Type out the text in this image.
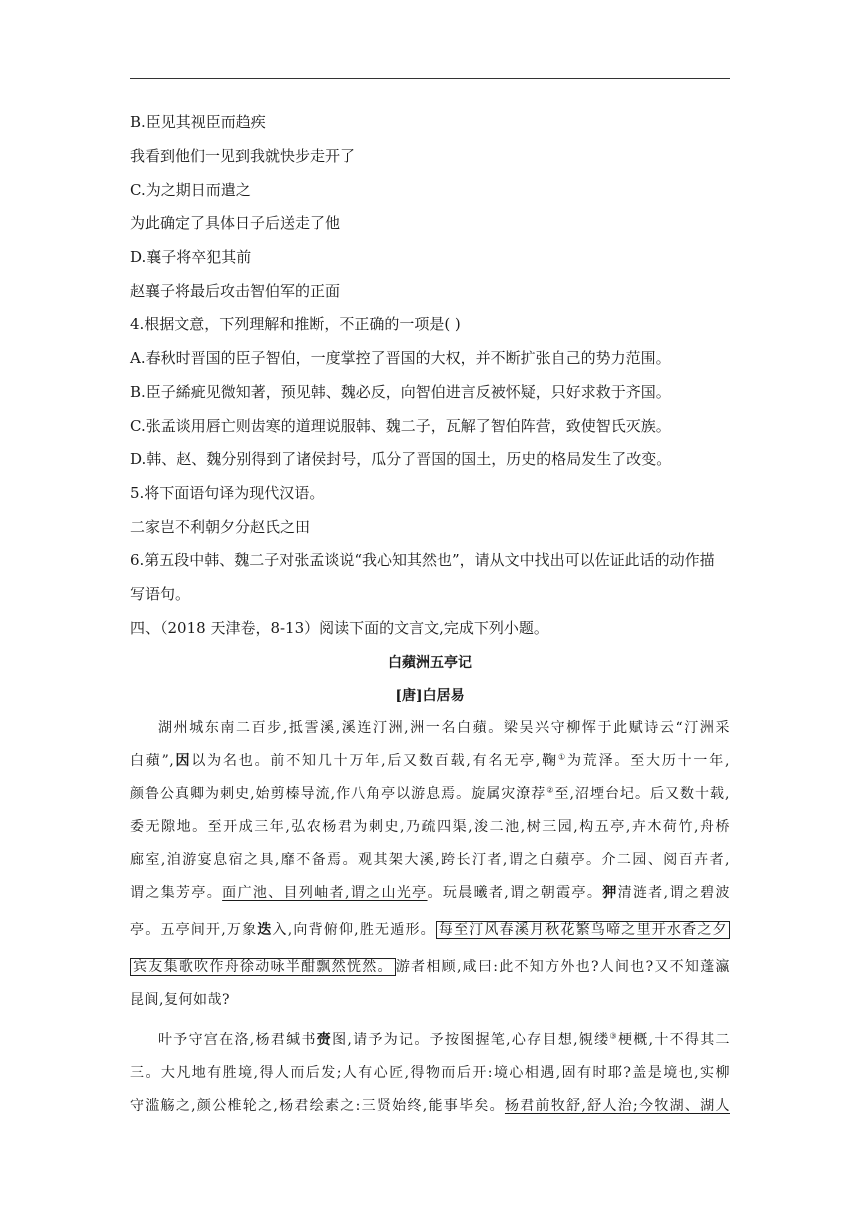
B.臣见其视臣而趋疾
我看到他们一见到我就快步走开了
C.为之期日而遣之
为此确定了具体日子后送走了他
D.襄子将卒犯其前
赵襄子将最后攻击智伯军的正面
4.根据文意，下列理解和推断，不正确的一项是( )
A.春秋时晋国的臣子智伯，一度掌控了晋国的大权，并不断扩张自己的势力范围。
B.臣子絺疵见微知著，预见韩、魏必反，向智伯进言反被怀疑，只好求救于齐国。
C.张孟谈用唇亡则齿寒的道理说服韩、魏二子，瓦解了智伯阵营，致使智氏灭族。
D.韩、赵、魏分别得到了诸侯封号，瓜分了晋国的国土，历史的格局发生了改变。
5.将下面语句译为现代汉语。
二家岂不利朝夕分赵氏之田
6.第五段中韩、魏二子对张孟谈说“我心知其然也”，请从文中找出可以佐证此话的动作描
写语句。
四、（2018 天津卷，8-13）阅读下面的文言文,完成下列小题。
白蘋洲五亭记
[唐]白居易
湖州城东南二百步,抵霅溪,溪连汀洲,洲一名白蘋。梁吴兴守柳恽于此赋诗云“汀洲采
白蘋”,因以为名也。前不知几十万年,后又数百载,有名无亭,鞠①为荒泽。至大历十一年,
颜鲁公真卿为刺史,始剪榛导流,作八角亭以游息焉。旋属灾潦荐②至,沼堙台圮。后又数十载,
委无隙地。至开成三年,弘农杨君为刺史,乃疏四渠,浚二池,树三园,构五亭,卉木荷竹,舟桥
廊室,洎游宴息宿之具,靡不备焉。观其架大溪,跨长汀者,谓之白蘋亭。介二园、阅百卉者,
谓之集芳亭。面广池、目列岫者,谓之山光亭。玩晨曦者,谓之朝霞亭。狎清涟者,谓之碧波
亭。五亭间开,万象迭入,向背俯仰,胜无遁形。 每至汀风春溪月秋花繁鸟啼之里开水香之夕
宾友集歌吹作舟徐动咏半酣飘然恍然。 游者相顾,咸曰:此不知方外也?人间也?又不知蓬瀛
昆阆,复何如哉?
叶予守宫在洛,杨君缄书赍图,请予为记。予按图握笔,心存目想,覙缕③梗概,十不得其二
三。大凡地有胜境,得人而后发;人有心匠,得物而后开:境心相遇,固有时耶?盖是境也,实柳
守滥觞之,颜公椎轮之,杨君绘素之:三贤始终,能事毕矣。杨君前牧舒,舒人治;今牧湖、湖人
